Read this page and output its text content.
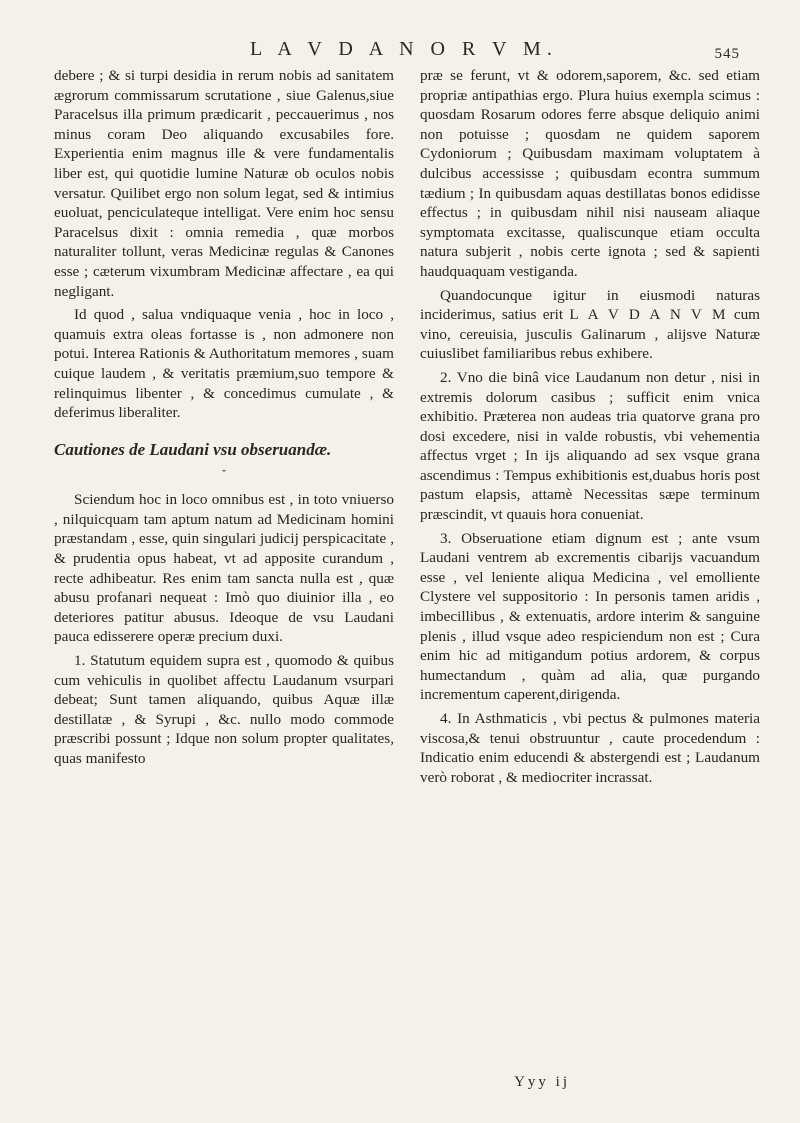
L A V D A N O R V M.	545

debere ; & si turpi desidia in rerum nobis ad sanitatem ægrorum commissarum scrutatione , siue Galenus,siue Paracelsus illa primum prædicarit , peccauerimus , nos minus coram Deo aliquando excusabiles fore. Experientia enim magnus ille & vere fundamentalis liber est, qui quotidie lumine Naturæ ob oculos nobis versatur. Quilibet ergo non solum legat, sed & intimius euoluat, penciculateque intelligat. Vere enim hoc sensu Paracelsus dixit : omnia remedia , quæ morbos naturaliter tollunt, veras Medicinæ regulas & Canones esse ; cæterum vixumbram Medicinæ affectare , ea qui negligant.

Id quod , salua vndiquaque venia , hoc in loco , quamuis extra oleas fortasse is , non admonere non potui. Interea Rationis & Authoritatum memores , suam cuique laudem , & veritatis præmium,suo tempore & relinquimus libenter , & concedimus cumulate , & deferimus liberaliter.

Cautiones de Laudani vsu obseruandæ.
ˇ

Sciendum hoc in loco omnibus est , in toto vniuerso , nilquicquam tam aptum natum ad Medicinam homini præstandam , esse, quin singulari judicij perspicacitate , & prudentia opus habeat, vt ad apposite curandum , recte adhibeatur. Res enim tam sancta nulla est , quæ abusu profanari nequeat : Imò quo diuinior illa , eo deteriores patitur abusus. Ideoque de vsu Laudani pauca edisserere operæ precium duxi.

1. Statutum equidem supra est , quomodo & quibus cum vehiculis in quolibet affectu Laudanum vsurpari debeat; Sunt tamen aliquando, quibus Aquæ illæ destillatæ , & Syrupi , &c. nullo modo commode præscribi possunt ; Idque non solum propter qualitates, quas manifesto

præ se ferunt, vt & odorem,saporem, &c. sed etiam propriæ antipathias ergo. Plura huius exempla scimus : quosdam Rosarum odores ferre absque deliquio animi non potuisse ; quosdam ne quidem saporem Cydoniorum ; Quibusdam maximam voluptatem à dulcibus accessisse ; quibusdam econtra summum tædium ; In quibusdam aquas destillatas bonos edidisse effectus ; in quibusdam nihil nisi nauseam aliaque symptomata excitasse, qualiscunque etiam occulta natura subjerit , nobis certe ignota ; sed & sapienti haudquaquam vestiganda.

Quandocunque igitur in eiusmodi naturas inciderimus, satius erit L A V D A N V M cum vino, cereuisia, jusculis Galinarum , alijsve Naturæ cuiuslibet familiaribus rebus exhibere.

2. Vno die binâ vice Laudanum non detur , nisi in extremis dolorum casibus ; sufficit enim vnica exhibitio. Præterea non audeas tria quatorve grana pro dosi excedere, nisi in valde robustis, vbi vehementia affectus vrget ; In ijs aliquando ad sex vsque grana ascendimus : Tempus exhibitionis est,duabus horis post pastum elapsis, attamè Necessitas sæpe terminum præscindit, vt quauis hora conueniat.

3. Obseruatione etiam dignum est ; ante vsum Laudani ventrem ab excrementis cibarijs vacuandum esse , vel leniente aliqua Medicina , vel emolliente Clystere vel suppositorio : In personis tamen aridis , imbecillibus , & extenuatis, ardore interim & sanguine plenis , illud vsque adeo respiciendum non est ; Cura enim hic ad mitigandum potius ardorem, & corpus humectandum , quàm ad alia, quæ purgando incrementum caperent,dirigenda.

4. In Asthmaticis , vbi pectus & pulmones materia viscosa,& tenui obstruuntur , caute procedendum : Indicatio enim educendi & abstergendi est ; Laudanum verò roborat , & mediocriter incrassat.

Yyy ij
